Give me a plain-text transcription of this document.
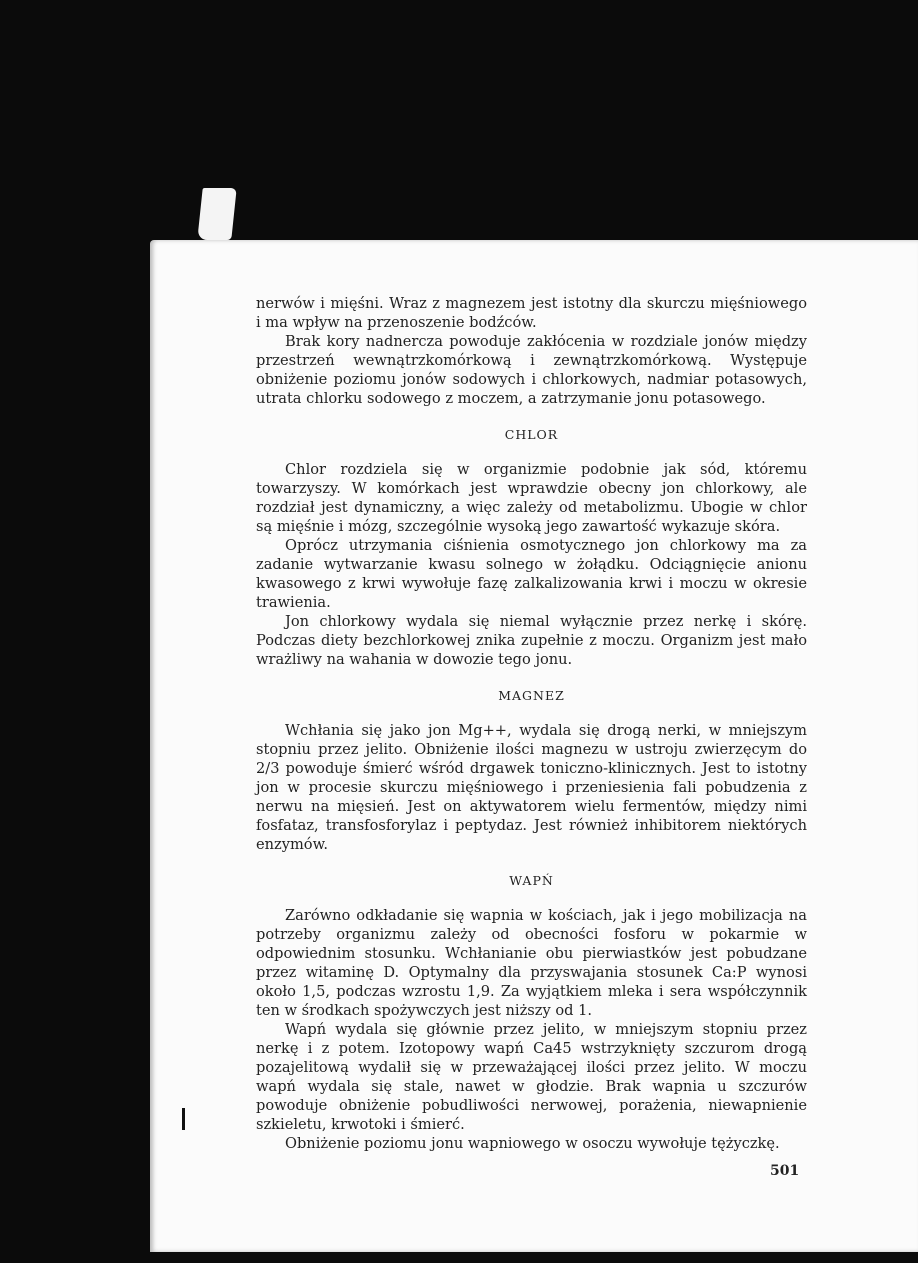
nerwów i mięśni. Wraz z magnezem jest istotny dla skurczu mięśniowego i ma wpływ na przenoszenie bodźców.

Brak kory nadnercza powoduje zakłócenia w rozdziale jonów między przestrzeń wewnątrzkomórkową i zewnątrzkomórkową. Występuje obniżenie poziomu jonów sodowych i chlorkowych, nadmiar potasowych, utrata chlorku sodowego z moczem, a zatrzymanie jonu potasowego.

CHLOR

Chlor rozdziela się w organizmie podobnie jak sód, któremu towarzyszy. W komórkach jest wprawdzie obecny jon chlorkowy, ale rozdział jest dynamiczny, a więc zależy od metabolizmu. Ubogie w chlor są mięśnie i mózg, szczególnie wysoką jego zawartość wykazuje skóra.

Oprócz utrzymania ciśnienia osmotycznego jon chlorkowy ma za zadanie wytwarzanie kwasu solnego w żołądku. Odciągnięcie anionu kwasowego z krwi wywołuje fazę zalkalizowania krwi i moczu w okresie trawienia.

Jon chlorkowy wydala się niemal wyłącznie przez nerkę i skórę. Podczas diety bezchlorkowej znika zupełnie z moczu. Organizm jest mało wrażliwy na wahania w dowozie tego jonu.

MAGNEZ

Wchłania się jako jon Mg++, wydala się drogą nerki, w mniejszym stopniu przez jelito. Obniżenie ilości magnezu w ustroju zwierzęcym do 2/3 powoduje śmierć wśród drgawek toniczno-klinicznych. Jest to istotny jon w procesie skurczu mięśniowego i przeniesienia fali pobudzenia z nerwu na mięsień. Jest on aktywatorem wielu fermentów, między nimi fosfataz, transfosforylaz i peptydaz. Jest również inhibitorem niektórych enzymów.

WAPŃ

Zarówno odkładanie się wapnia w kościach, jak i jego mobilizacja na potrzeby organizmu zależy od obecności fosforu w pokarmie w odpowiednim stosunku. Wchłanianie obu pierwiastków jest pobudzane przez witaminę D. Optymalny dla przyswajania stosunek Ca:P wynosi około 1,5, podczas wzrostu 1,9. Za wyjątkiem mleka i sera współczynnik ten w środkach spożywczych jest niższy od 1.

Wapń wydala się głównie przez jelito, w mniejszym stopniu przez nerkę i z potem. Izotopowy wapń Ca45 wstrzyknięty szczurom drogą pozajelitową wydalił się w przeważającej ilości przez jelito. W moczu wapń wydala się stale, nawet w głodzie. Brak wapnia u szczurów powoduje obniżenie pobudliwości nerwowej, porażenia, niewapnienie szkieletu, krwotoki i śmierć.

Obniżenie poziomu jonu wapniowego w osoczu wywołuje tężyczkę.

501
